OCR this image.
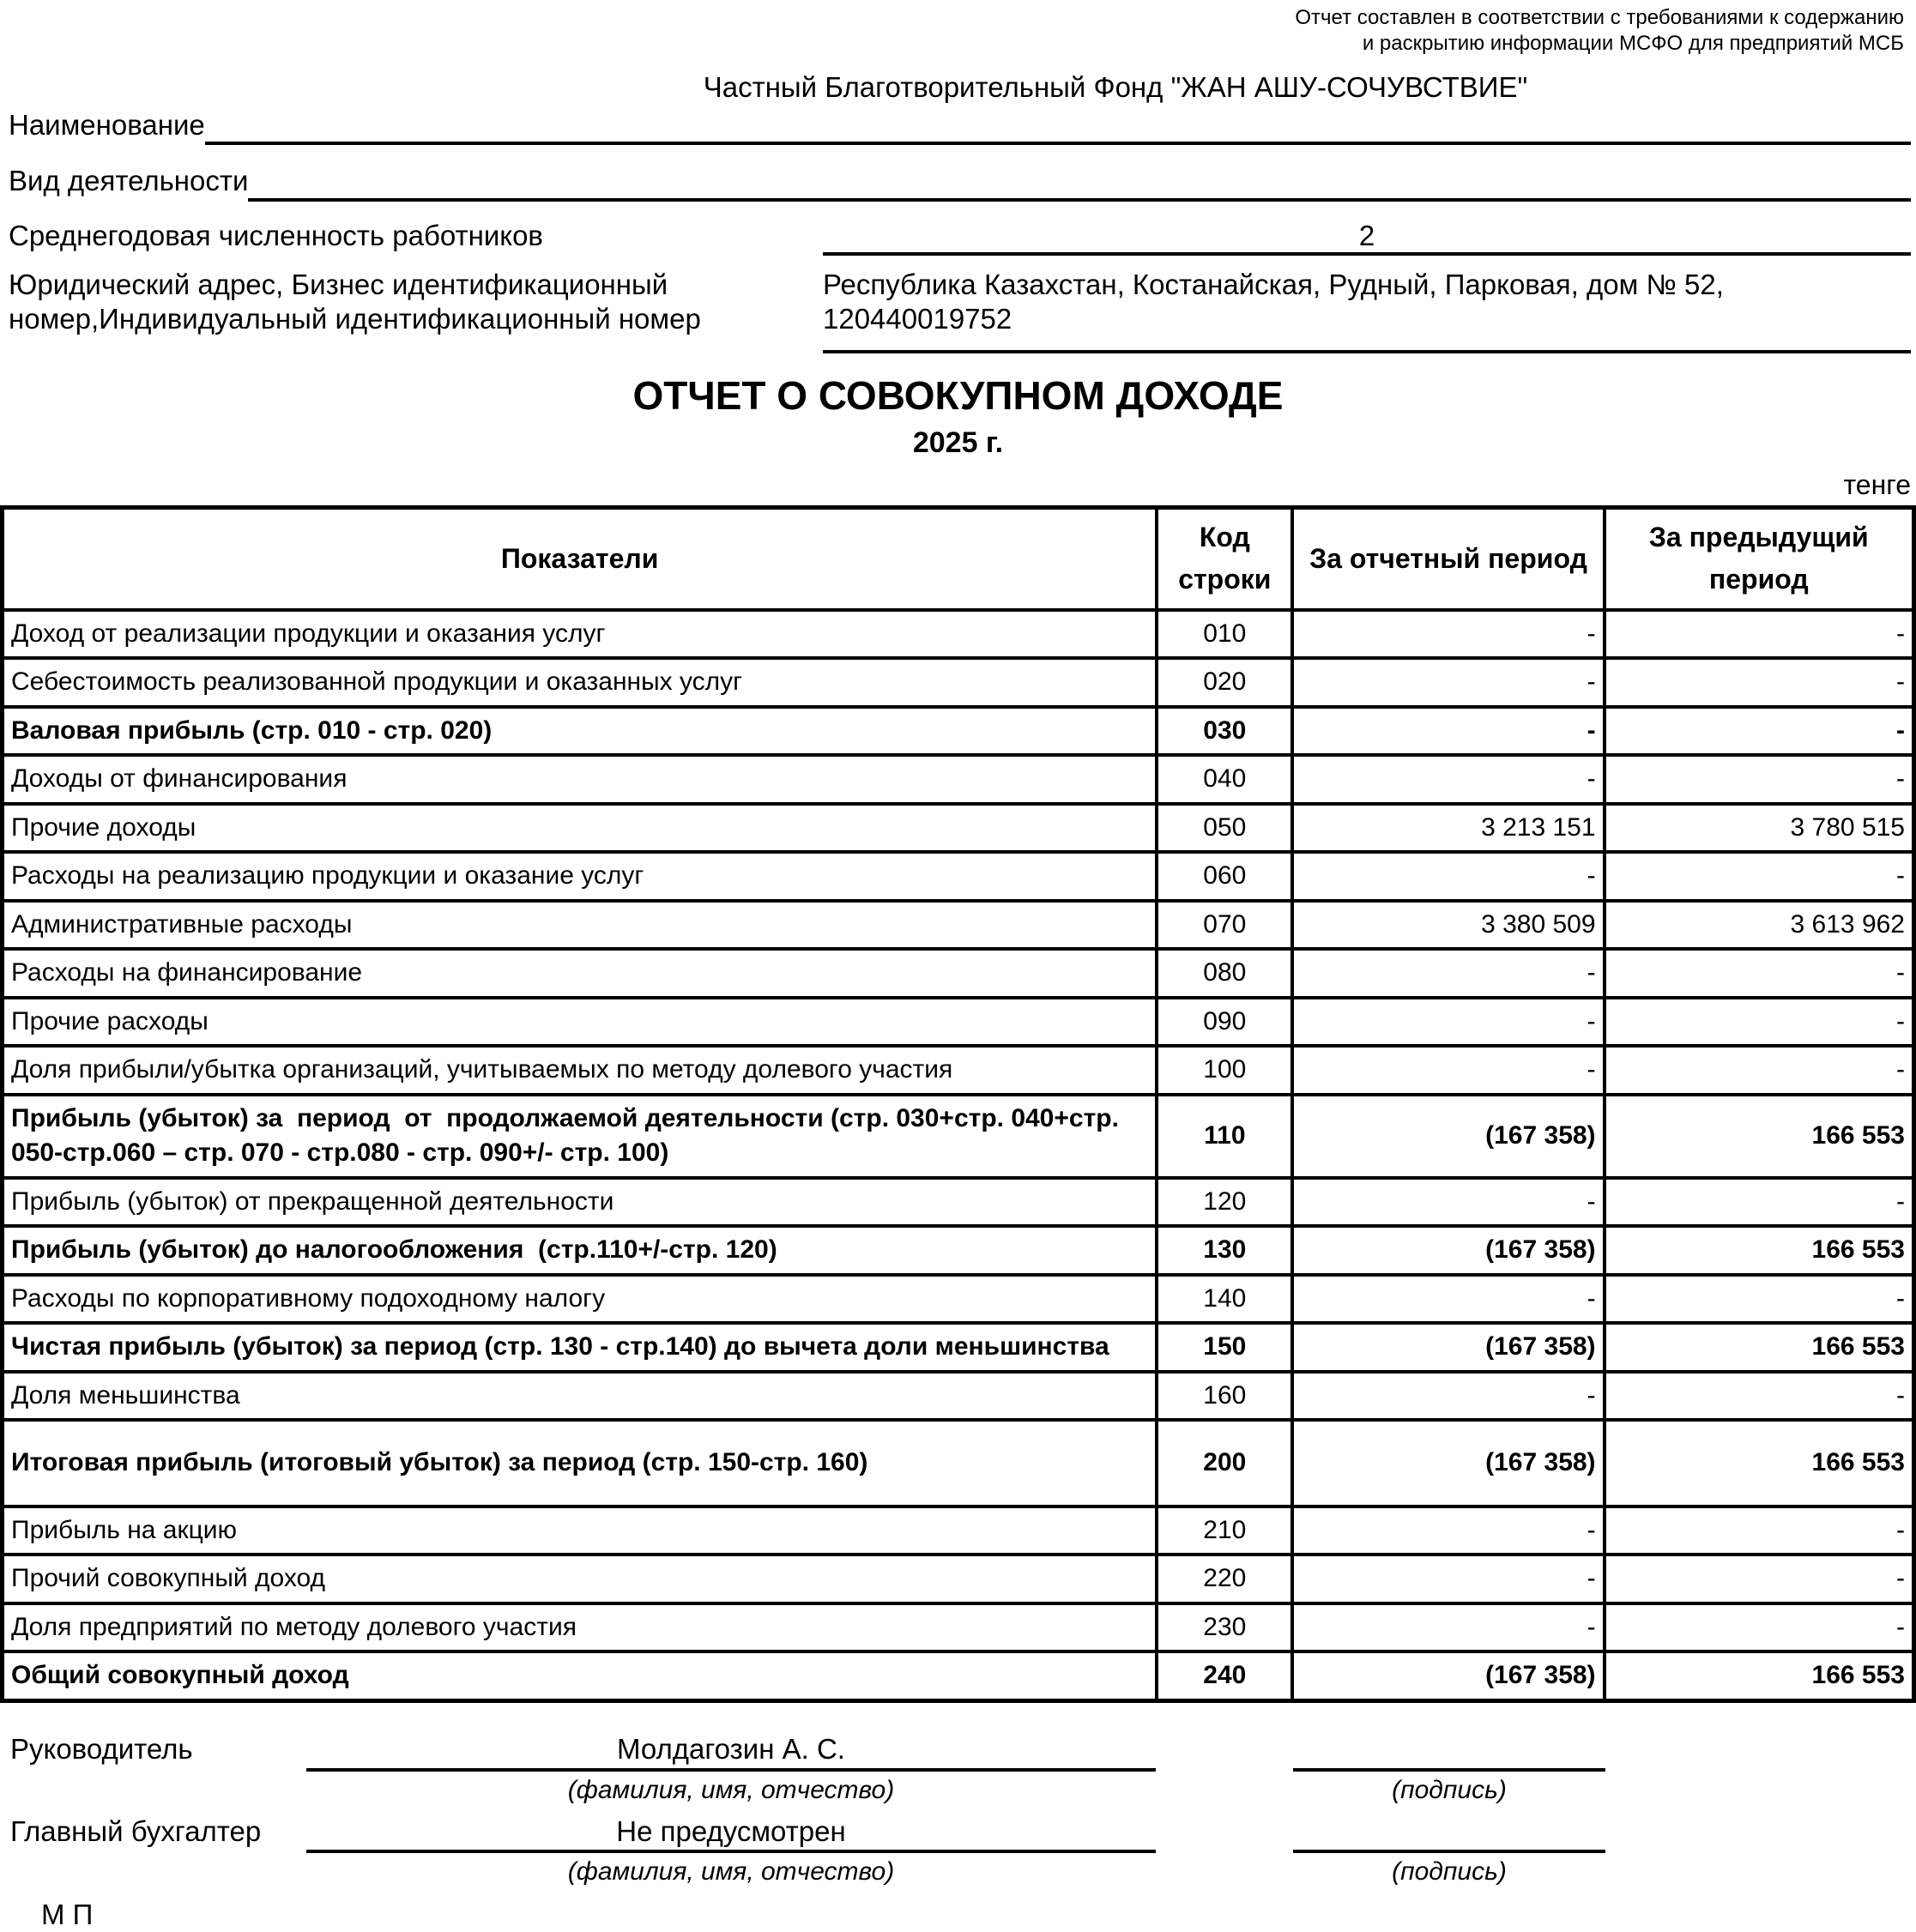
Отчет составлен в соответствии с требованиями к содержанию
и раскрытию информации МСФО для предприятий МСБ
Частный Благотворительный Фонд "ЖАН АШУ-СОЧУВСТВИЕ"
Наименование
Вид деятельности
Среднегодовая численность работников	2
Юридический адрес, Бизнес идентификационный
номер,Индивидуальный идентификационный номер
Республика Казахстан, Костанайская, Рудный, Парковая, дом № 52,
120440019752
ОТЧЕТ О СОВОКУПНОМ ДОХОДЕ
2025 г.
тенге
Показатели	Код строки	За отчетный период	За предыдущий период
Доход от реализации продукции и оказания услуг	010	-	-
Себестоимость реализованной продукции и оказанных услуг	020	-	-
Валовая прибыль (стр. 010 - стр. 020)	030	-	-
Доходы от финансирования	040	-	-
Прочие доходы	050	3 213 151	3 780 515
Расходы на реализацию продукции и оказание услуг	060	-	-
Административные расходы	070	3 380 509	3 613 962
Расходы на финансирование	080	-	-
Прочие расходы	090	-	-
Доля прибыли/убытка организаций, учитываемых по методу долевого участия	100	-	-
Прибыль (убыток) за  период  от  продолжаемой деятельности (стр. 030+стр. 040+стр. 050-стр.060 – стр. 070 - стр.080 - стр. 090+/- стр. 100)	110	(167 358)	166 553
Прибыль (убыток) от прекращенной деятельности	120	-	-
Прибыль (убыток) до налогообложения  (стр.110+/-стр. 120)	130	(167 358)	166 553
Расходы по корпоративному подоходному налогу	140	-	-
Чистая прибыль (убыток) за период (стр. 130 - стр.140) до вычета доли меньшинства	150	(167 358)	166 553
Доля меньшинства	160	-	-
Итоговая прибыль (итоговый убыток) за период (стр. 150-стр. 160)	200	(167 358)	166 553
Прибыль на акцию	210	-	-
Прочий совокупный доход	220	-	-
Доля предприятий по методу долевого участия	230	-	-
Общий совокупный доход	240	(167 358)	166 553
Руководитель	Молдагозин А. С.
(фамилия, имя, отчество)	(подпись)
Главный бухгалтер	Не предусмотрен
(фамилия, имя, отчество)	(подпись)
М П
